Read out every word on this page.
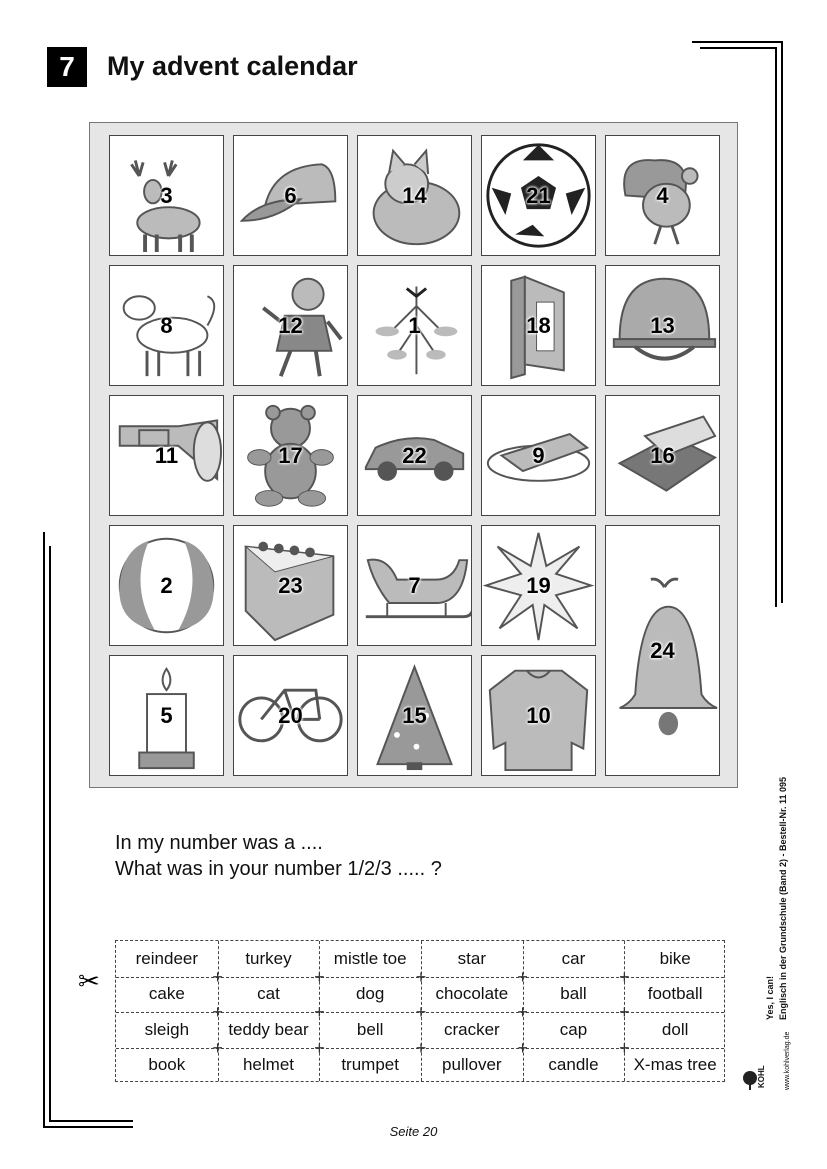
7 My advent calendar
3	6	14	21	4
8	12	1	18	13
11	17	22	9	16
2	23	7	19
24
5	20	15	10
In my number was a ....
What was in your number 1/2/3 ..... ?
✂	+	+	+	+	+
+	+	+	+	+
+	+	+	+	+
reindeer	turkey	mistle toe	star	car	bike
cake	cat	dog	chocolate	ball	football
sleigh	teddy bear	bell	cracker	cap	doll
book	helmet	trumpet	pullover	candle	X-mas tree
Yes, I can! Englisch in der Grundschule (Band 2) - Bestell-Nr. 11 095
KOHL	www.kohlverlag.de
Seite 20
